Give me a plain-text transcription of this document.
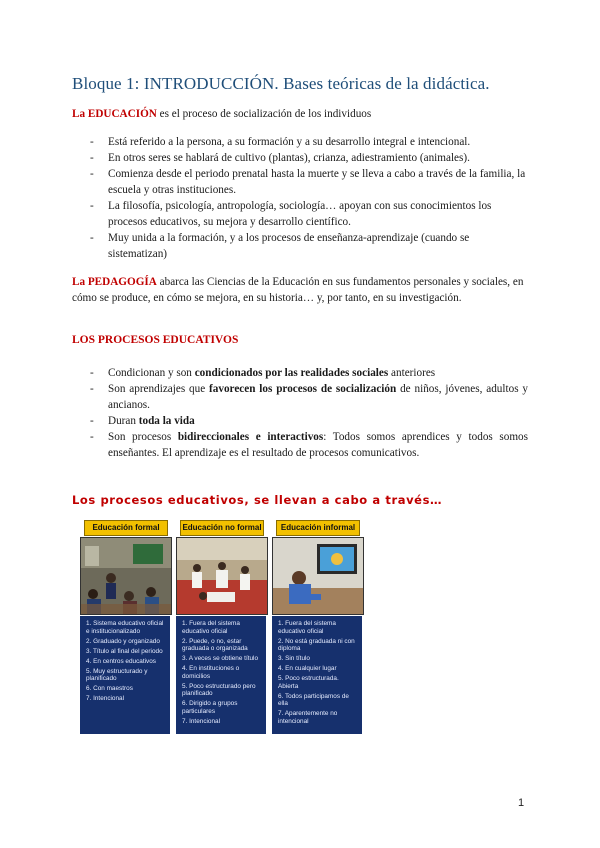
Bloque 1: INTRODUCCIÓN. Bases teóricas de la didáctica.
La EDUCACIÓN es el proceso de socialización de los individuos
- Está referido a la persona, a su formación y a su desarrollo integral e intencional.
- En otros seres se hablará de cultivo (plantas), crianza, adiestramiento (animales).
- Comienza desde el periodo prenatal hasta la muerte y se lleva a cabo a través de la familia, la escuela y otras instituciones.
- La filosofía, psicología, antropología, sociología… apoyan con sus conocimientos los procesos educativos, su mejora y desarrollo científico.
- Muy unida a la formación, y a los procesos de enseñanza-aprendizaje (cuando se sistematizan)
La PEDAGOGÍA abarca las Ciencias de la Educación en sus fundamentos personales y sociales, en cómo se produce, en cómo se mejora, en su historia… y, por tanto, en su investigación.
LOS PROCESOS EDUCATIVOS
- Condicionan y son condicionados por las realidades sociales anteriores
- Son aprendizajes que favorecen los procesos de socialización de niños, jóvenes, adultos y ancianos.
- Duran toda la vida
- Son procesos bidireccionales e interactivos: Todos somos aprendices y todos somos enseñantes. El aprendizaje es el resultado de procesos comunicativos.
Los procesos educativos, se llevan a cabo a través…
Educación formal
1. Sistema educativo oficial e institucionalizado
2. Graduado y organizado
3. Título al final del periodo
4. En centros educativos
5. Muy estructurado y planificado
6. Con maestros
7. Intencional
Educación no formal
1. Fuera del sistema educativo oficial
2. Puede, o no, estar graduada o organizada
3. A veces se obtiene título
4. En instituciones o domicilios
5. Poco estructurado pero planificado
6. Dirigido a grupos particulares
7. Intencional
Educación informal
1. Fuera del sistema educativo oficial
2. No está graduada ni con diploma
3. Sin título
4. En cualquier lugar
5. Poco estructurada. Abierta
6. Todos participamos de ella
7. Aparentemente no intencional
1
